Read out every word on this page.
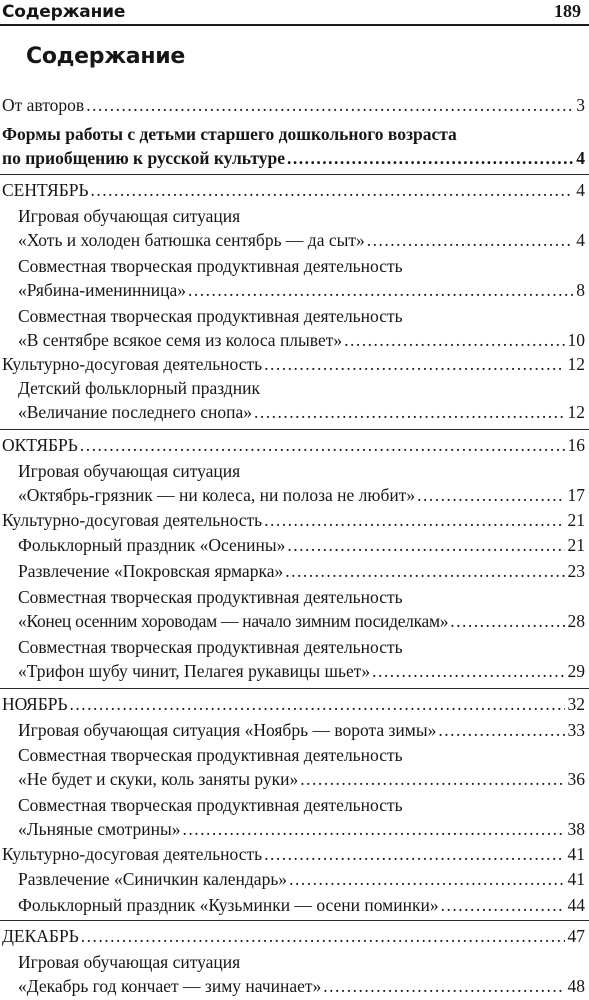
Содержание	189
Содержание
От авторов .....	3
Формы работы с детьми старшего дошкольного возраста
по приобщению к русской культуре .....	4
СЕНТЯБРЬ .....	4
Игровая обучающая ситуация
«Хоть и холоден батюшка сентябрь — да сыт» .....	4
Совместная творческая продуктивная деятельность
«Рябина-именинница» .....	8
Совместная творческая продуктивная деятельность
«В сентябре всякое семя из колоса плывет» .....	10
Культурно-досуговая деятельность .....	12
Детский фольклорный праздник
«Величание последнего снопа» .....	12
ОКТЯБРЬ .....	16
Игровая обучающая ситуация
«Октябрь-грязник — ни колеса, ни полоза не любит» .....	17
Культурно-досуговая деятельность .....	21
Фольклорный праздник «Осенины» .....	21
Развлечение «Покровская ярмарка» .....	23
Совместная творческая продуктивная деятельность
«Конец осенним хороводам — начало зимним посиделкам» .....	28
Совместная творческая продуктивная деятельность
«Трифон шубу чинит, Пелагея рукавицы шьет» .....	29
НОЯБРЬ .....	32
Игровая обучающая ситуация «Ноябрь — ворота зимы» .....	33
Совместная творческая продуктивная деятельность
«Не будет и скуки, коль заняты руки» .....	36
Совместная творческая продуктивная деятельность
«Льняные смотрины» .....	38
Культурно-досуговая деятельность .....	41
Развлечение «Синичкин календарь» .....	41
Фольклорный праздник «Кузьминки — осени поминки» .....	44
ДЕКАБРЬ .....	47
Игровая обучающая ситуация
«Декабрь год кончает — зиму начинает» .....	48
